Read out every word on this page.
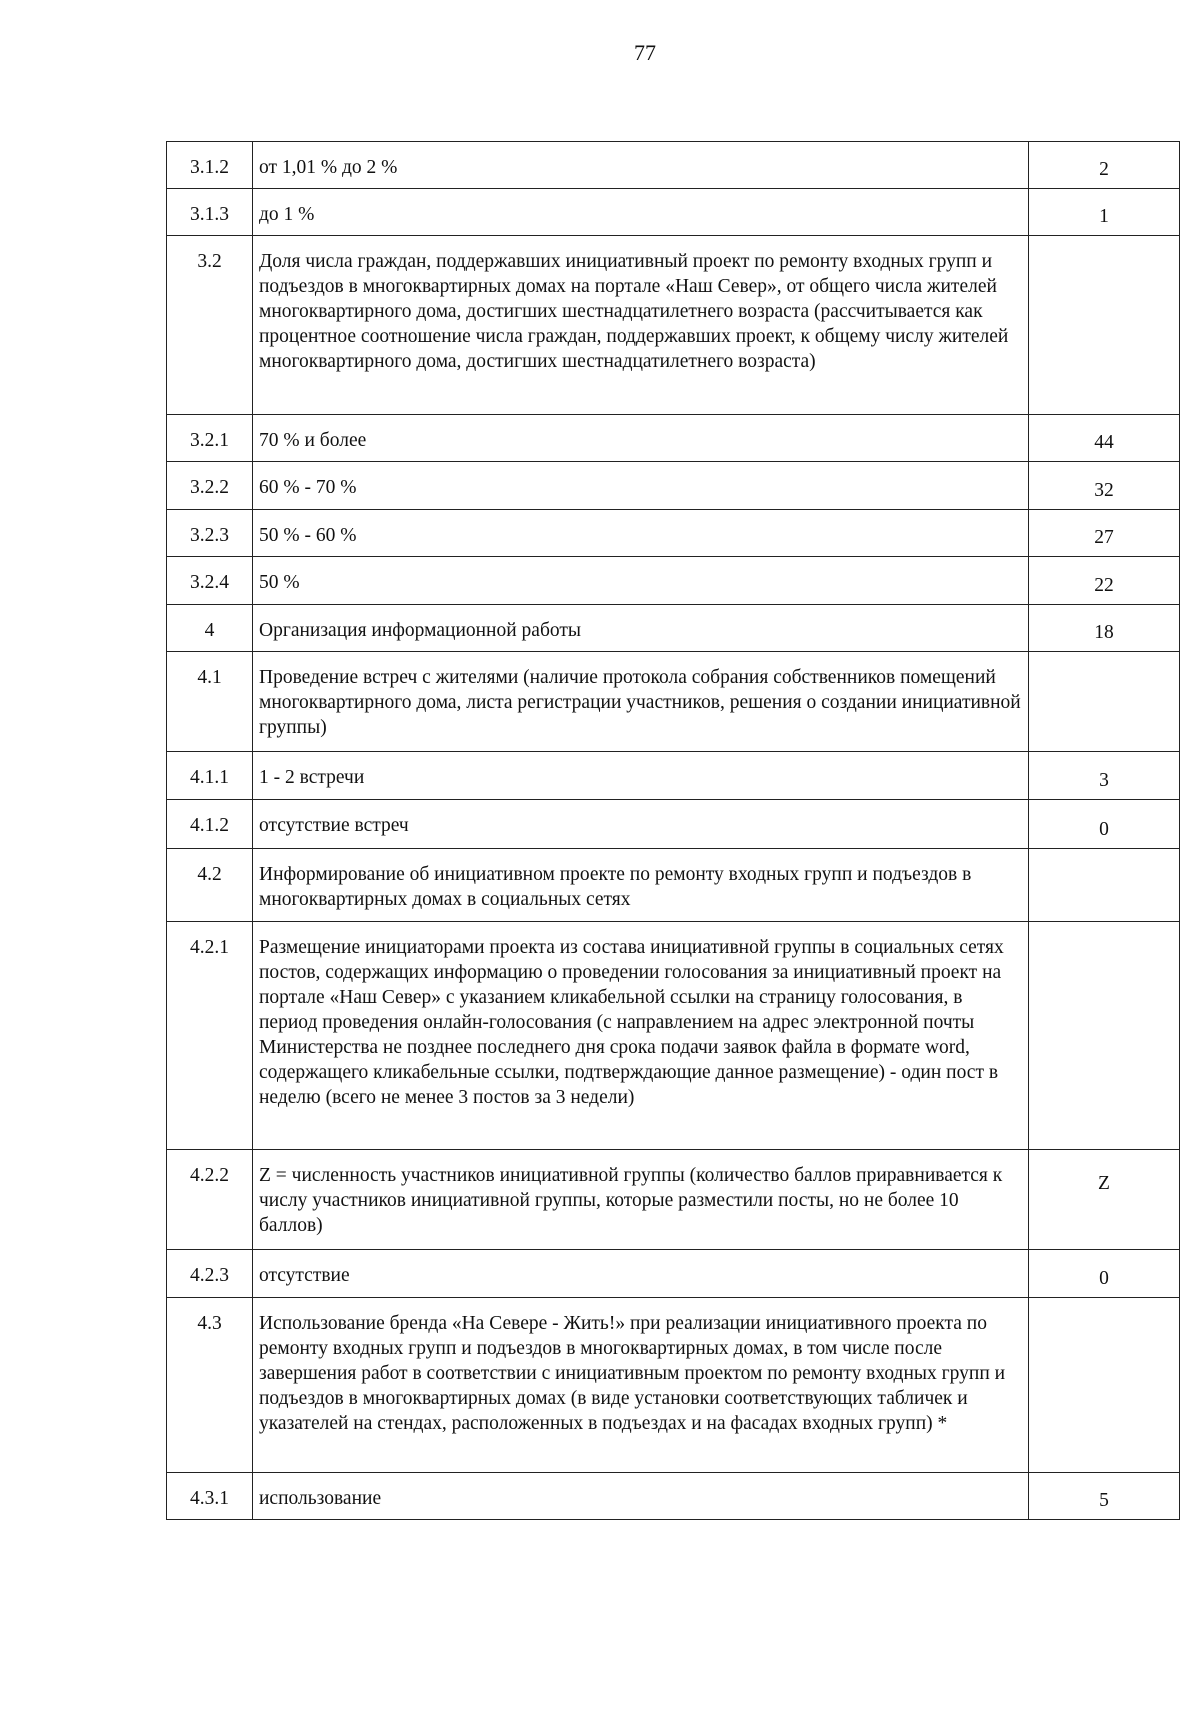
77
3.1.2	от 1,01 % до 2 %	2
3.1.3	до 1 %	1
3.2	Доля числа граждан, поддержавших инициативный проект по ремонту входных групп и подъездов в многоквартирных домах на портале «Наш Север», от общего числа жителей многоквартирного дома, достигших шестнадцатилетнего возраста (рассчитывается как процентное соотношение числа граждан, поддержавших проект, к общему числу жителей многоквартирного дома, достигших шестнадцатилетнего возраста)	
3.2.1	70 % и более	44
3.2.2	60 % - 70 %	32
3.2.3	50 % - 60 %	27
3.2.4	50 %	22
4	Организация информационной работы	18
4.1	Проведение встреч с жителями (наличие протокола собрания собственников помещений многоквартирного дома, листа регистрации участников, решения о создании инициативной группы)	
4.1.1	1 - 2 встречи	3
4.1.2	отсутствие встреч	0
4.2	Информирование об инициативном проекте по ремонту входных групп и подъездов в многоквартирных домах в социальных сетях	
4.2.1	Размещение инициаторами проекта из состава инициативной группы в социальных сетях постов, содержащих информацию о проведении голосования за инициативный проект на портале «Наш Север» с указанием кликабельной ссылки на страницу голосования, в период проведения онлайн-голосования (с направлением на адрес электронной почты Министерства не позднее последнего дня срока подачи заявок файла в формате word, содержащего кликабельные ссылки, подтверждающие данное размещение) - один пост в неделю (всего не менее 3 постов за 3 недели)	
4.2.2	Z = численность участников инициативной группы (количество баллов приравнивается к числу участников инициативной группы, которые разместили посты, но не более 10 баллов)	Z
4.2.3	отсутствие	0
4.3	Использование бренда «На Севере - Жить!» при реализации инициативного проекта по ремонту входных групп и подъездов в многоквартирных домах, в том числе после завершения работ в соответствии с инициативным проектом по ремонту входных групп и подъездов в многоквартирных домах (в виде установки соответствующих табличек и указателей на стендах, расположенных в подъездах и на фасадах входных групп) *	
4.3.1	использование	5
